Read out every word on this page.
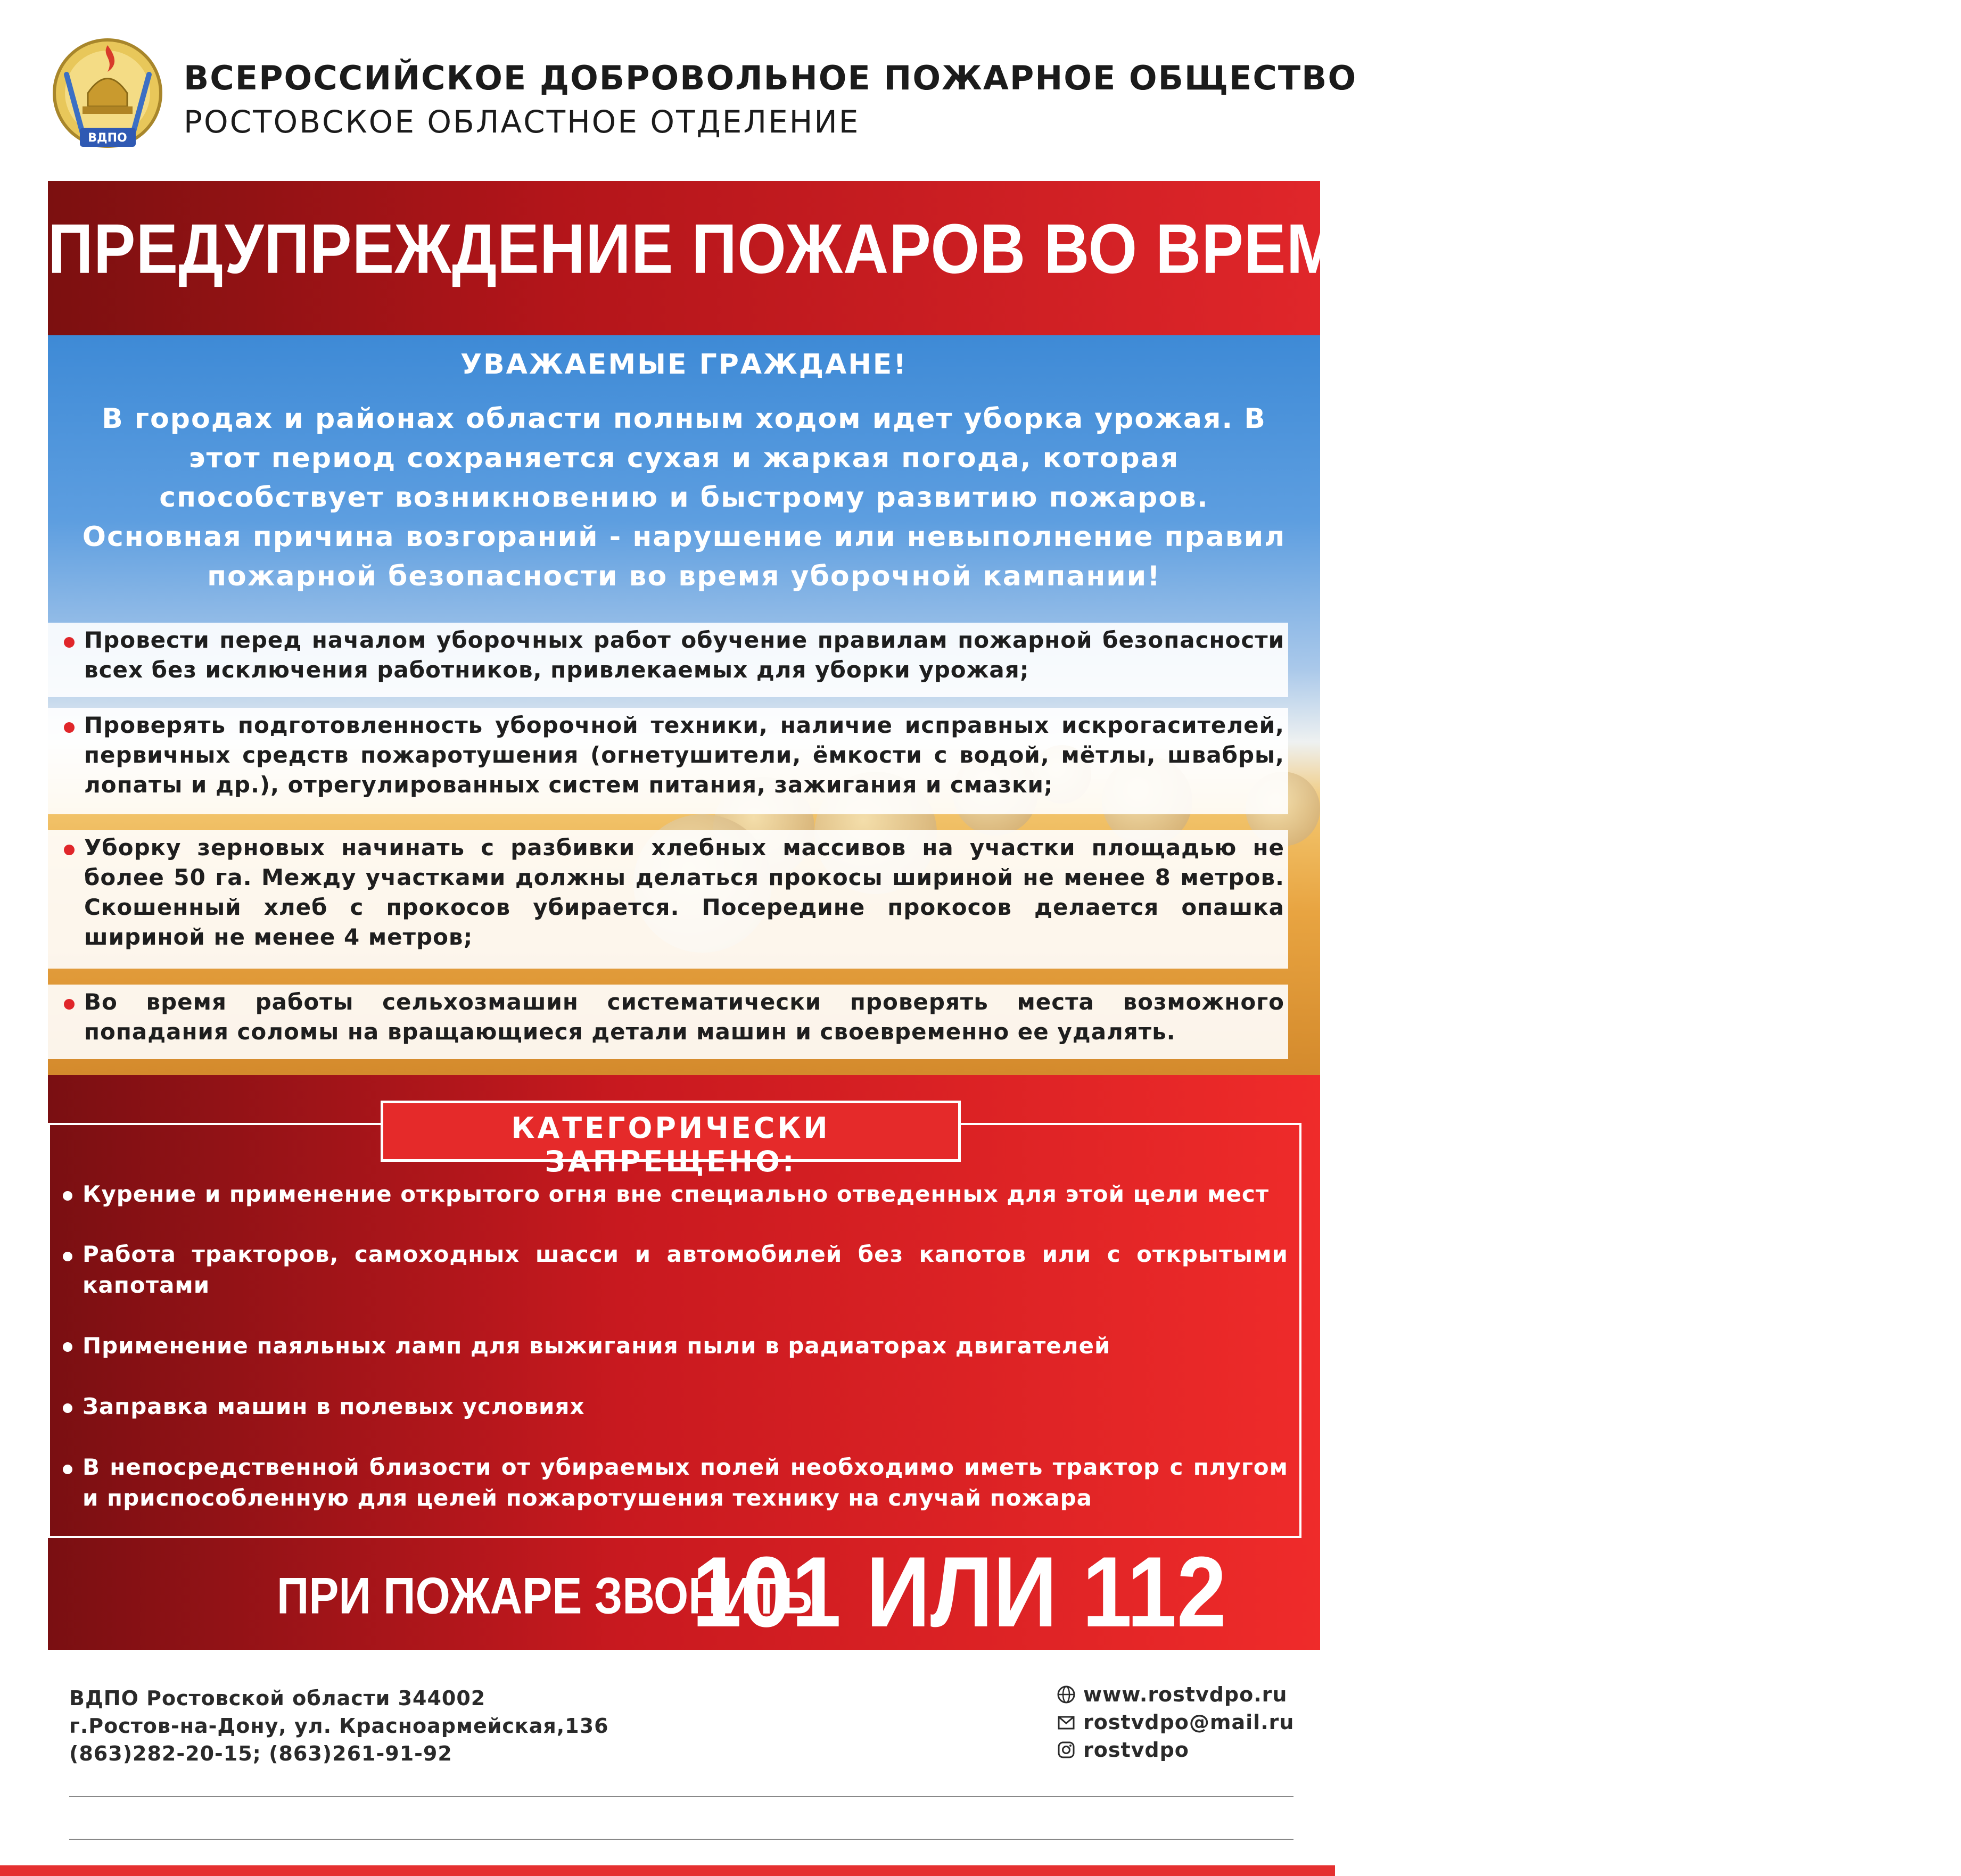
ВДПО
ВСЕРОССИЙСКОЕ ДОБРОВОЛЬНОЕ ПОЖАРНОЕ ОБЩЕСТВО
РОСТОВСКОЕ ОБЛАСТНОЕ ОТДЕЛЕНИЕ
ПРЕДУПРЕЖДЕНИЕ ПОЖАРОВ ВО ВРЕМЯ УБОРКИ УРОЖАЯ
УВАЖАЕМЫЕ ГРАЖДАНЕ!
В городах и районах области полным ходом идет уборка урожая. В этот период сохраняется сухая и жаркая погода, которая способствует возникновению и быстрому развитию пожаров. Основная причина возгораний - нарушение или невыполнение правил пожарной безопасности во время уборочной кампании!
Провести перед началом уборочных работ обучение правилам пожарной безопасности всех без исключения работников, привлекаемых для уборки урожая;
Проверять подготовленность уборочной техники, наличие исправных искрогасителей, первичных средств пожаротушения (огнетушители, ёмкости с водой, мётлы, швабры, лопаты и др.), отрегулированных систем питания, зажигания и смазки;
Уборку зерновых начинать с разбивки хлебных массивов на участки площадью не более 50 га. Между участками должны делаться прокосы шириной не менее 8 метров. Скошенный хлеб с прокосов убирается. Посередине прокосов делается опашка шириной не менее 4 метров;
Во время работы сельхозмашин систематически проверять места возможного попадания соломы на вращающиеся детали машин и своевременно ее удалять.
КАТЕГОРИЧЕСКИ ЗАПРЕЩЕНО:
Курение и применение открытого огня вне специально отведенных для этой цели мест
Работа тракторов, самоходных шасси и автомобилей без капотов или с открытыми капотами
Применение паяльных ламп для выжигания пыли в радиаторах двигателей
Заправка машин в полевых условиях
В непосредственной близости от убираемых полей необходимо иметь трактор с плугом и приспособленную для целей пожаротушения технику на случай пожара
ПРИ ПОЖАРЕ ЗВОНИТЬ
101 ИЛИ 112
ВДПО Ростовской области 344002
г.Ростов-на-Дону, ул. Красноармейская,136
(863)282-20-15; (863)261-91-92
www.rostvdpo.ru
rostvdpo@mail.ru
rostvdpo
